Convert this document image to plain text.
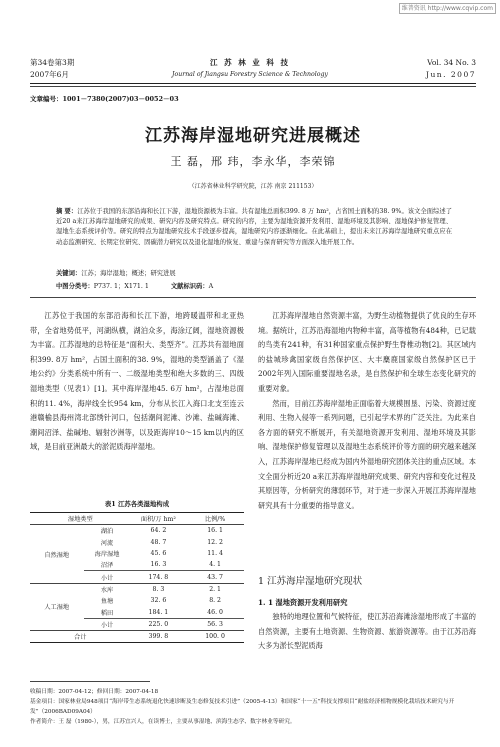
维普资讯 http://www.cqvip.com
第34卷第3期
2007年6月
江 苏 林 业 科 技
Journal of Jiangsu Forestry Science & Technology
Vol. 34 No. 3
Jun. 2007
文章编号：1001－7380(2007)03－0052－03
江苏海岸湿地研究进展概述
王 磊，邢 玮，李永华，李荣锦
（江苏省林业科学研究院，江苏 南京 211153）
摘 要：江苏位于我国的东部沿海和长江下游，湿地资源极为丰富。共有湿地总面积399. 8 万 hm²，占省国土面积的38. 9%。该文全面综述了近20 a来江苏海岸湿地研究的成果、研究内容及研究特点。研究的内容，主要为湿地资源开发利用、湿地环境及其影响、湿地保护修复管理、湿地生态系统评价等。研究的特点为湿地研究技术手段逐步提高，湿地研究内容逐渐细化。在此基础上，提出未来江苏海岸湿地研究重点应在动态监测研究、长期定位研究、固碳潜力研究以及退化湿地的恢复、重建与保育研究等方面深入地开展工作。
关键词：江苏；海岸湿地；概述；研究进展
中图分类号：P737. 1；X171. 1	文献标识码：A

江苏位于我国的东部沿海和长江下游，地跨暖温带和北亚热带，全省地势低平，河湖纵横，湖泊众多，海涂辽阔，湿地资源极为丰富。江苏湿地的总特征是“面积大、类型齐”。江苏共有湿地面积399. 8万 hm²，占国土面积的38. 9%，湿地的类型涵盖了《湿地公约》分类系统中所有一、二级湿地类型和绝大多数的三、四级湿地类型（见表1）[1]。其中海岸湿地45. 6万 hm²，占湿地总面积的11. 4%，海岸线全长954 km，分布从长江入海口北支至连云港赣榆县海州湾北部绣针河口，包括潮间泥滩、沙滩、盐碱海滩、潮间沼泽、盐碱地、辐射沙洲等，以及距海岸10～15 km以内的区域，是目前亚洲最大的淤泥质海岸湿地。

表1 江苏各类湿地构成
湿地类型		面积/万 hm²	比例/%
自然湿地	湖泊	64. 2	16. 1
	河流	48. 7	12. 2
	海岸湿地	45. 6	11. 4
	沼泽	16. 3	4. 1
	小计	174. 8	43. 7
人工湿地	水库	8. 3	2. 1
	鱼塘	32. 6	8. 2
	稻田	184. 1	46. 0
	小计	225. 0	56. 3
合计		399. 8	100. 0

江苏海岸湿地自然资源丰富，为野生动植物提供了优良的生存环境。据统计，江苏沿海湿地内物种丰富，高等植物有484种，已记载的鸟类有241种，有31种国家重点保护野生脊椎动物[2]。其区域内的盐城珍禽国家级自然保护区、大丰麋鹿国家级自然保护区已于2002年列入国际重要湿地名录，是自然保护和全球生态变化研究的重要对象。

然而，目前江苏海岸湿地正面临着大规模围垦、污染、资源过度利用、生物入侵等一系列问题，已引起学术界的广泛关注。为此来自各方面的研究不断展开，有关湿地资源开发利用、湿地环境及其影响、湿地保护修复管理以及湿地生态系统评价等方面的研究越来越深入，江苏海岸湿地已经成为国内外湿地研究团体关注的重点区域。本文全面分析近20 a来江苏海岸湿地研究成果、研究内容和变化过程及其原因等，分析研究的薄弱环节，对于进一步深入开展江苏海岸湿地研究具有十分重要的指导意义。

1 江苏海岸湿地研究现状
1. 1 湿地资源开发利用研究

独特的地理位置和气候特征，使江苏沿海滩涂湿地形成了丰富的自然资源，主要有土地资源、生物资源、旅游资源等。由于江苏沿海大多为淤长型泥质海

收稿日期：2007-04-12；修回日期：2007-04-18
基金项目：国家林业局948项目“海岸带生态系统退化快速诊断及生态修复技术引进”（2005-4-13）和国家“十一五”科技支撑项目“耐盐经济植物规模化栽培技术研究与开发”（2006BAD09A04）
作者简介：王 磊（1980-），男，江苏宜兴人，在读博士，主要从事湿地、滨海生态学、数字林业等研究。
